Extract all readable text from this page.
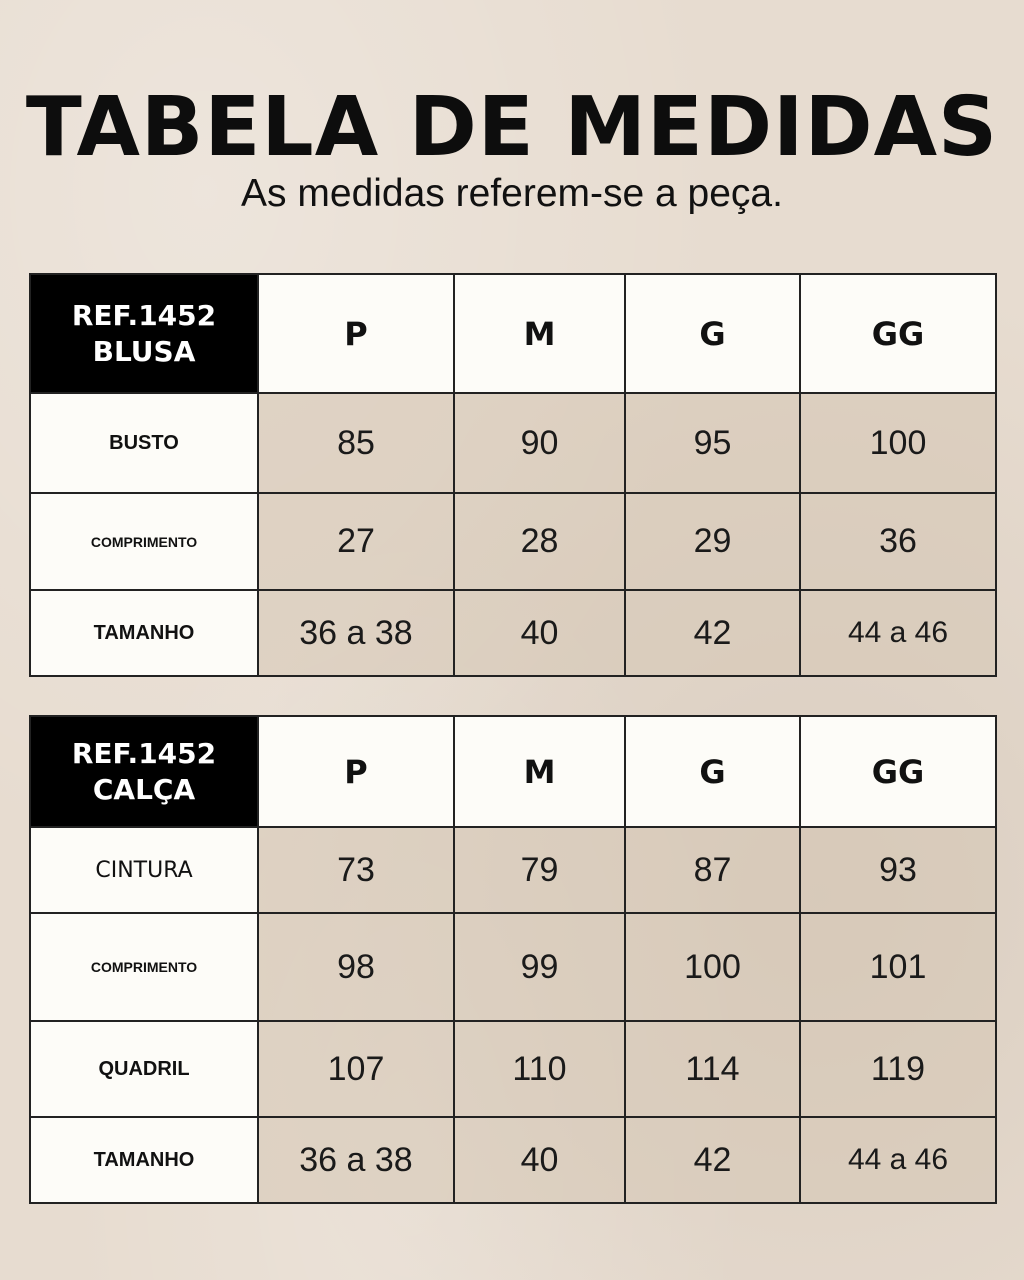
TABELA DE MEDIDAS
As medidas referem-se a peça.
REF.1452
BLUSA	P	M	G	GG
BUSTO	85	90	95	100
COMPRIMENTO	27	28	29	36
TAMANHO	36 a 38	40	42	44 a 46
REF.1452
CALÇA	P	M	G	GG
CINTURA	73	79	87	93
COMPRIMENTO	98	99	100	101
QUADRIL	107	110	114	119
TAMANHO	36 a 38	40	42	44 a 46
